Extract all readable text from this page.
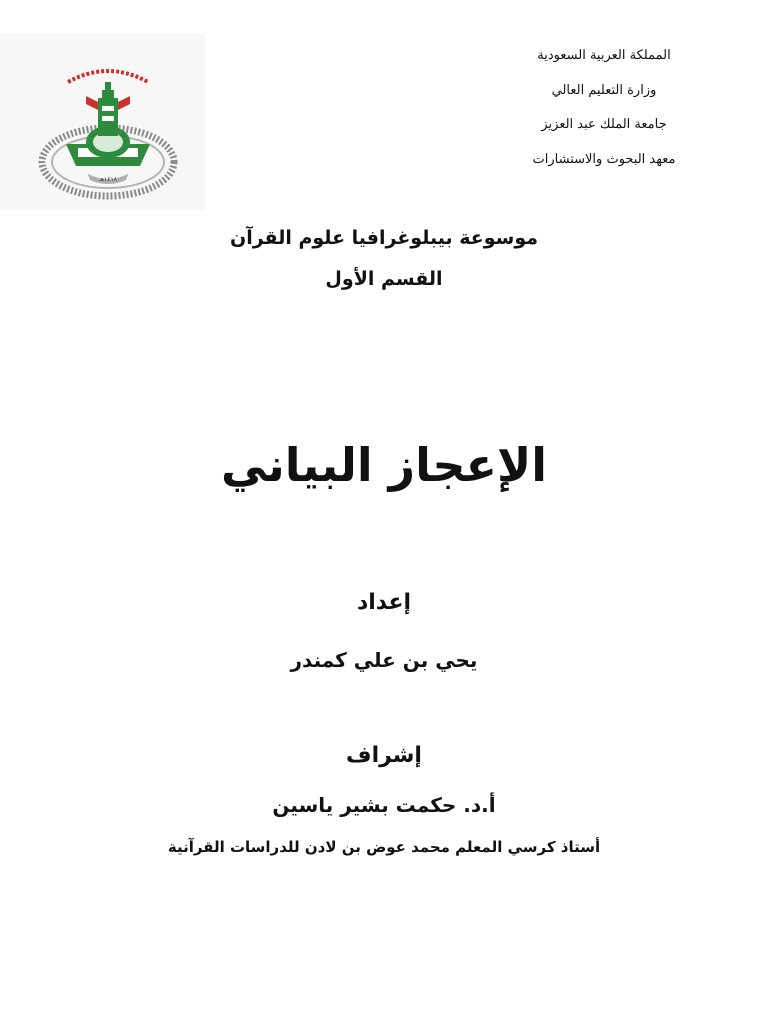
١٤١٨هـ
المملكة العربية السعودية
وزارة التعليم العالي
جامعة الملك عبد العزيز
معهد البحوث والاستشارات
موسوعة بيبلوغرافيا علوم القرآن
القسم الأول
الإعجاز البياني
إعداد
يحي بن علي كمندر
إشراف
أ.د. حكمت بشير ياسين
أستاذ كرسي المعلم محمد عوض بن لادن للدراسات القرآنية
